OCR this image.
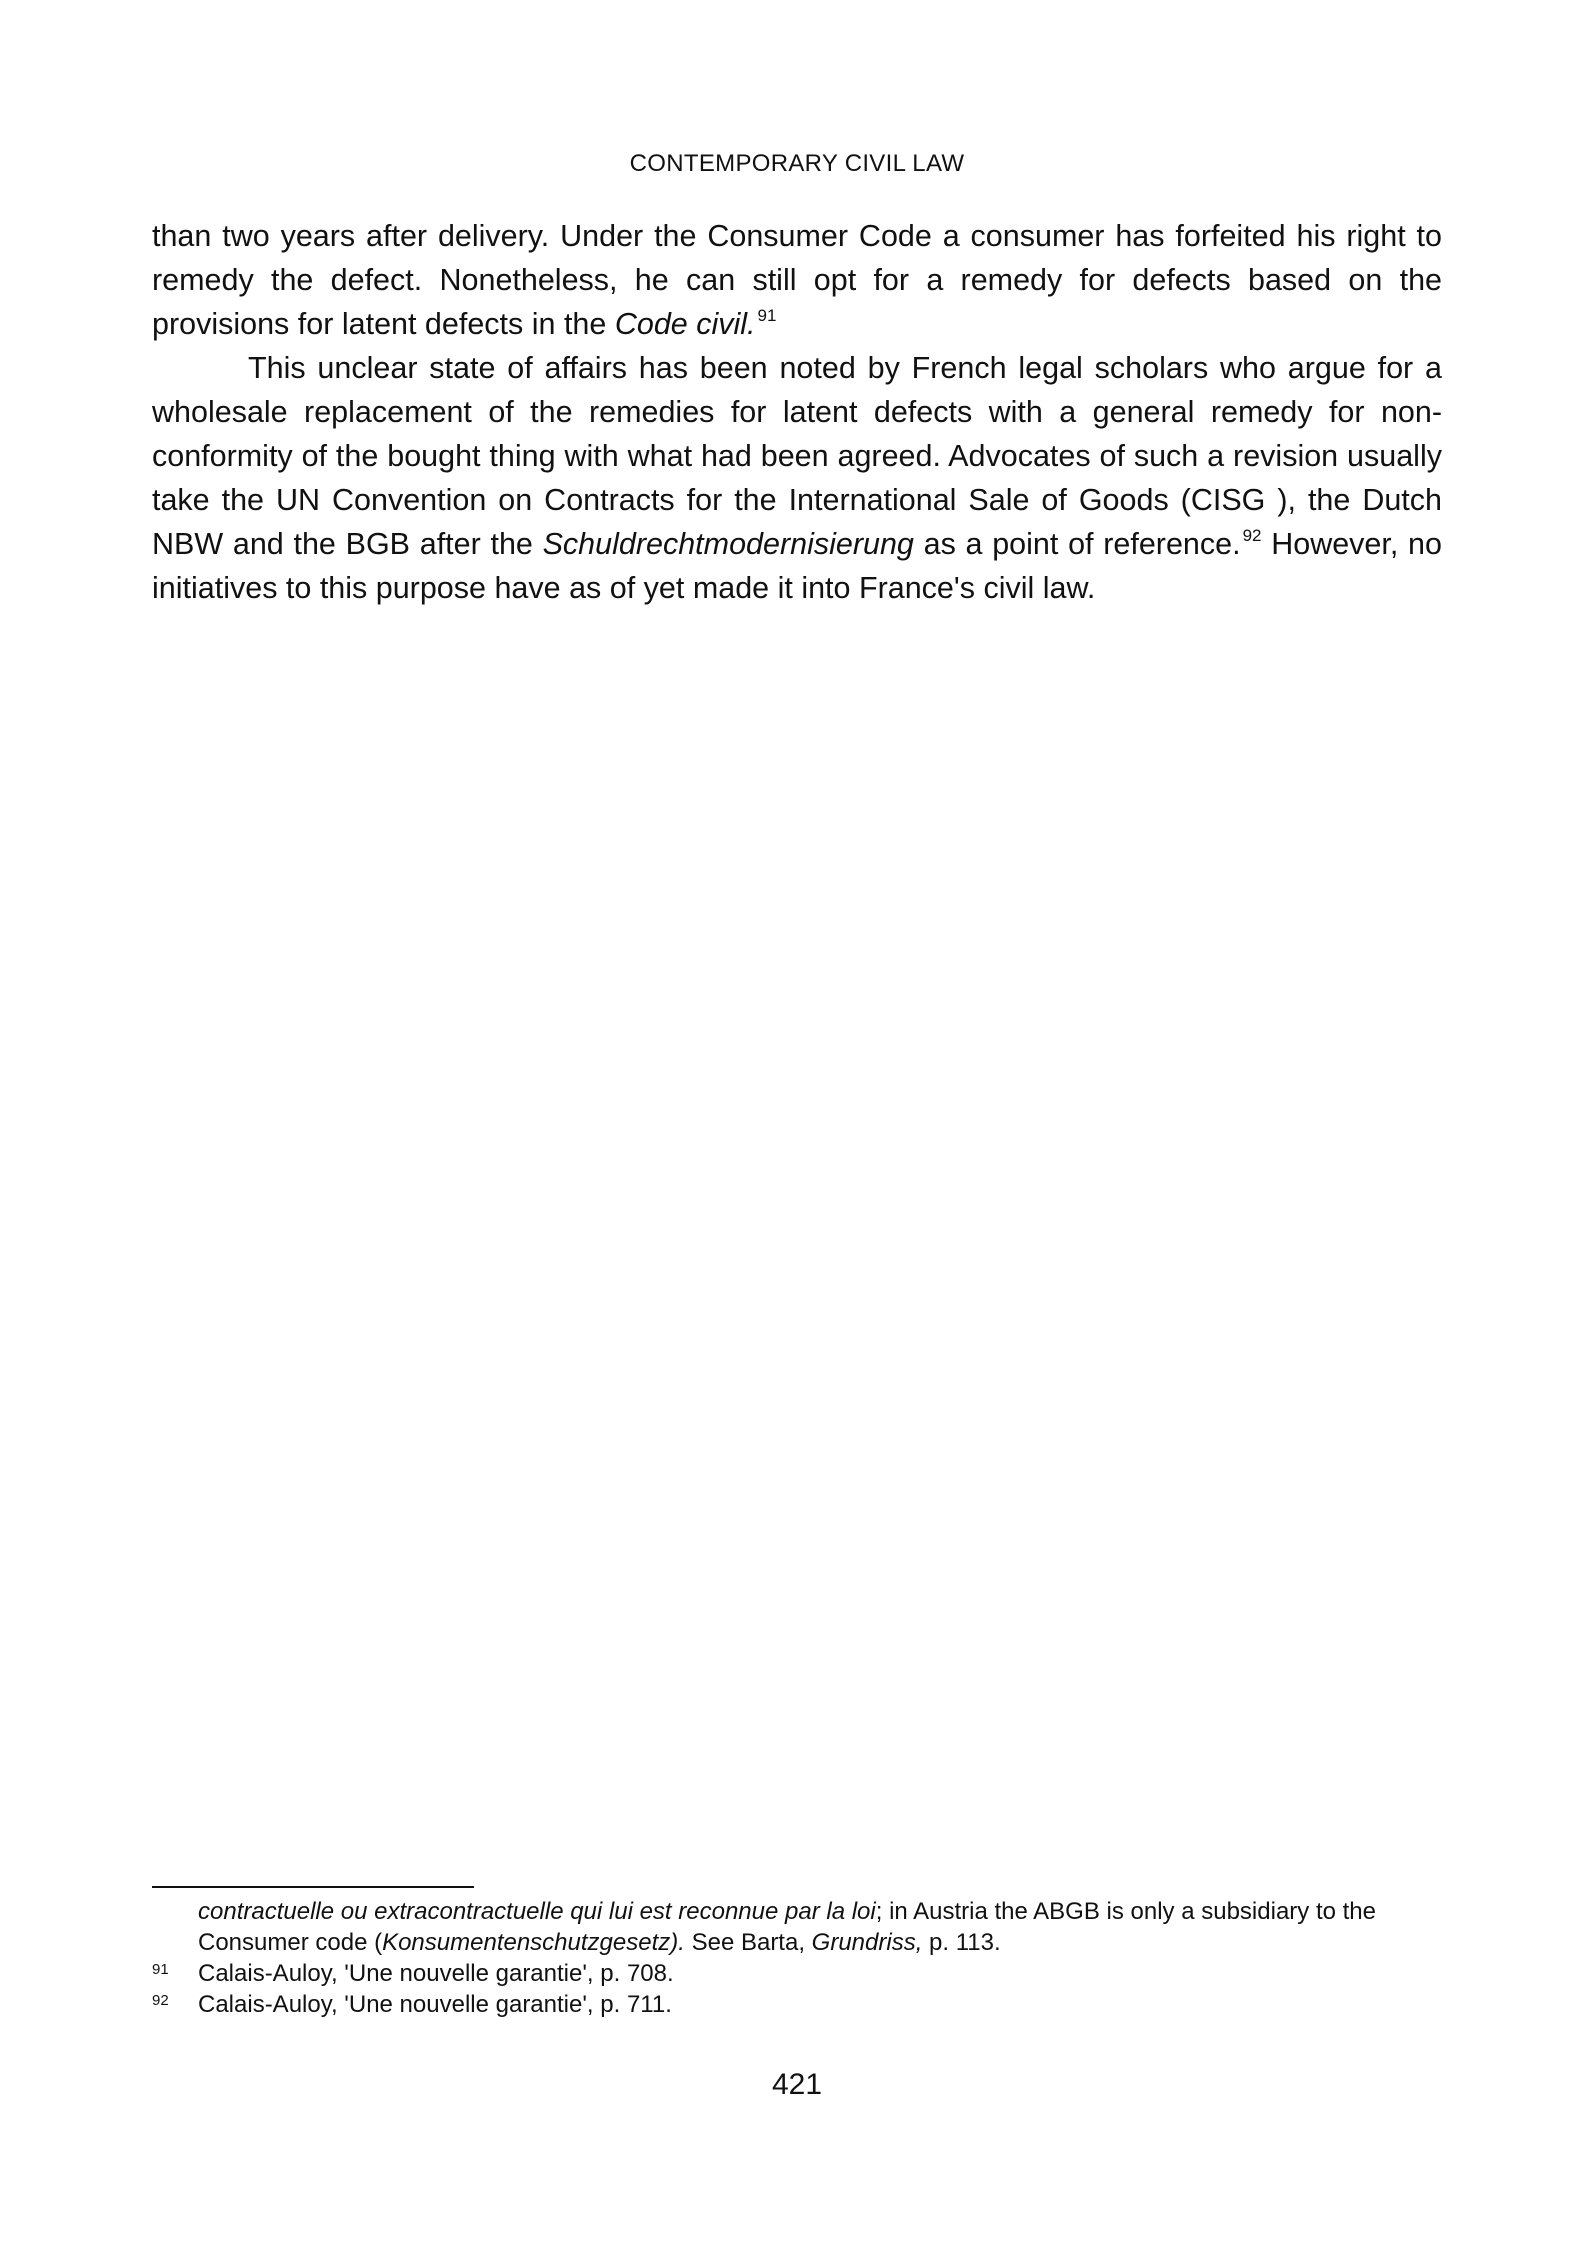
CONTEMPORARY CIVIL LAW

than two years after delivery. Under the Consumer Code a consumer has forfeited his right to remedy the defect. Nonetheless, he can still opt for a remedy for defects based on the provisions for latent defects in the Code civil. $^{91}$

This unclear state of affairs has been noted by French legal scholars who argue for a wholesale replacement of the remedies for latent defects with a general remedy for non-conformity of the bought thing with what had been agreed. Advocates of such a revision usually take the UN Convention on Contracts for the International Sale of Goods (CISG ), the Dutch NBW and the BGB after the Schuldrechtmodernisierung as a point of reference. $^{92}$ However, no initiatives to this purpose have as of yet made it into France's civil law.

contractuelle ou extracontractuelle qui lui est reconnue par la loi; in Austria the ABGB is only a subsidiary to the Consumer code (Konsumentenschutzgesetz). See Barta, Grundriss, p. 113.
91 Calais-Auloy, 'Une nouvelle garantie', p. 708.
92 Calais-Auloy, 'Une nouvelle garantie', p. 711.
421
